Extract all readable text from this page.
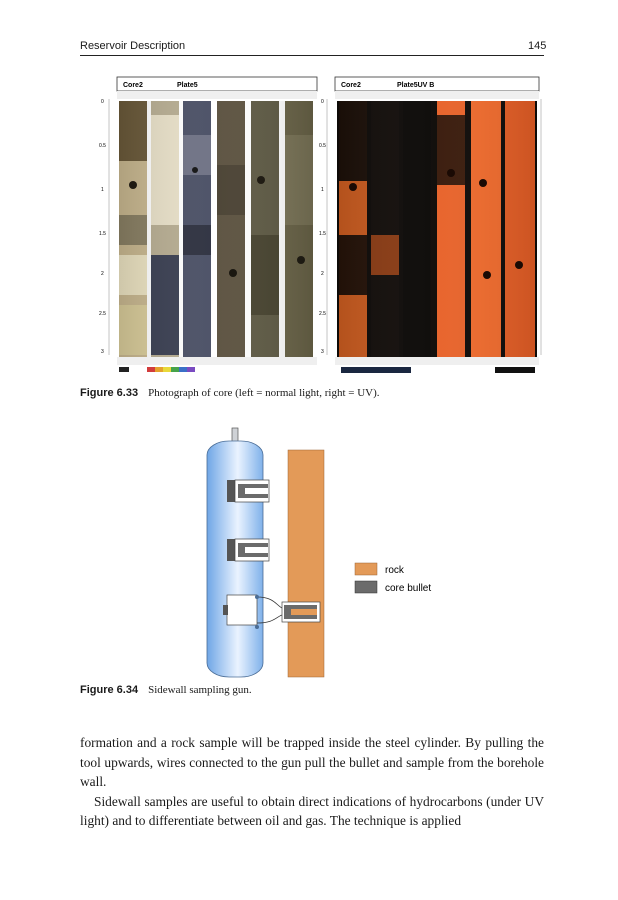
Reservoir Description	145
Core2	Plate5
0
0.5
1
1.5
2
2.5
3
Core2	Plate5UV B
0
0.5
1
1.5
2
2.5
3
Figure 6.33 Photograph of core (left = normal light, right = UV).
rock
core bullet
Figure 6.34 Sidewall sampling gun.

formation and a rock sample will be trapped inside the steel cylinder. By pulling the tool upwards, wires connected to the gun pull the bullet and sample from the borehole wall.

Sidewall samples are useful to obtain direct indications of hydrocarbons (under UV light) and to differentiate between oil and gas. The technique is applied
